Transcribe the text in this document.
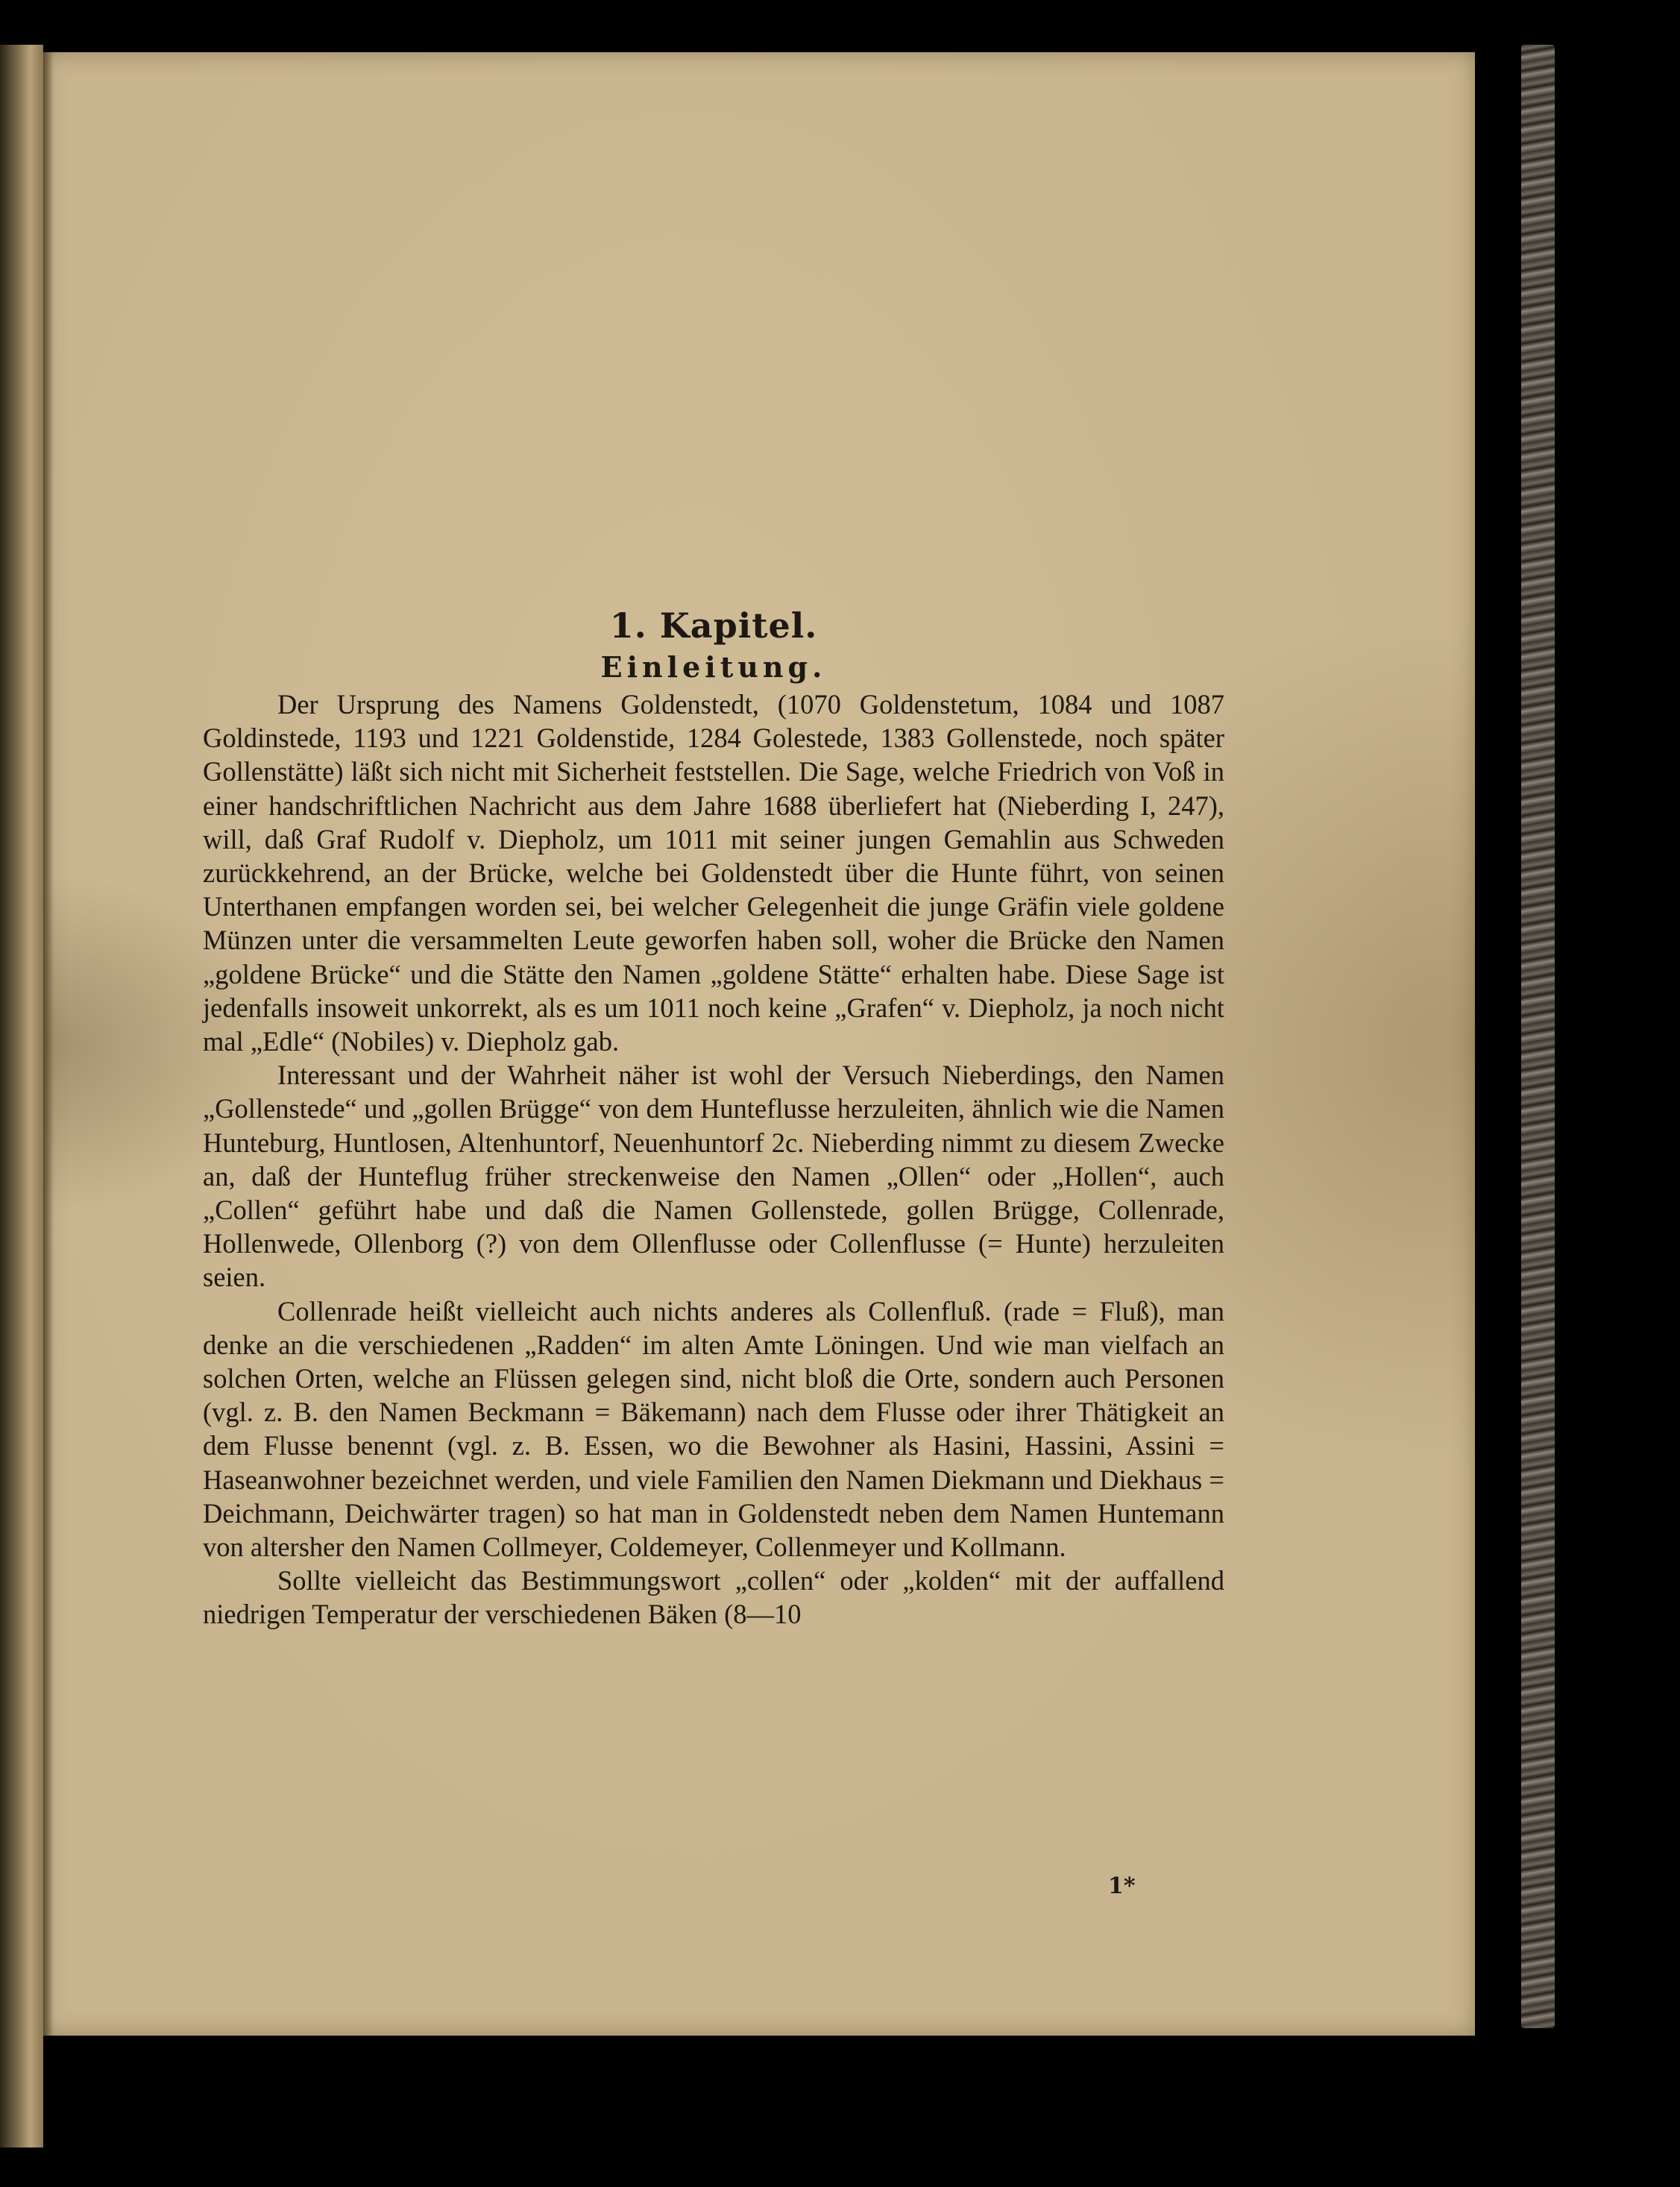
1. Kapitel.
Einleitung.

Der Ursprung des Namens Goldenstedt, (1070 Goldenstetum, 1084 und 1087 Goldinstede, 1193 und 1221 Goldenstide, 1284 Golestede, 1383 Gollenstede, noch später Gollenstätte) läßt sich nicht mit Sicherheit feststellen. Die Sage, welche Friedrich von Voß in einer handschriftlichen Nachricht aus dem Jahre 1688 überliefert hat (Nieberding I, 247), will, daß Graf Rudolf v. Diepholz, um 1011 mit seiner jungen Gemahlin aus Schweden zurückkehrend, an der Brücke, welche bei Goldenstedt über die Hunte führt, von seinen Unterthanen empfangen worden sei, bei welcher Gelegenheit die junge Gräfin viele goldene Münzen unter die versammelten Leute geworfen haben soll, woher die Brücke den Namen „goldene Brücke“ und die Stätte den Namen „goldene Stätte“ erhalten habe. Diese Sage ist jedenfalls insoweit unkorrekt, als es um 1011 noch keine „Grafen“ v. Diepholz, ja noch nicht mal „Edle“ (Nobiles) v. Diepholz gab.

Interessant und der Wahrheit näher ist wohl der Versuch Nieberdings, den Namen „Gollenstede“ und „gollen Brügge“ von dem Hunteflusse herzuleiten, ähnlich wie die Namen Hunteburg, Huntlosen, Altenhuntorf, Neuenhuntorf 2c. Nieberding nimmt zu diesem Zwecke an, daß der Hunteflug früher streckenweise den Namen „Ollen“ oder „Hollen“, auch „Collen“ geführt habe und daß die Namen Gollenstede, gollen Brügge, Collenrade, Hollenwede, Ollenborg (?) von dem Ollenflusse oder Collenflusse (= Hunte) herzuleiten seien.

Collenrade heißt vielleicht auch nichts anderes als Collenfluß. (rade = Fluß), man denke an die verschiedenen „Radden“ im alten Amte Löningen. Und wie man vielfach an solchen Orten, welche an Flüssen gelegen sind, nicht bloß die Orte, sondern auch Personen (vgl. z. B. den Namen Beckmann = Bäkemann) nach dem Flusse oder ihrer Thätigkeit an dem Flusse benennt (vgl. z. B. Essen, wo die Bewohner als Hasini, Hassini, Assini = Haseanwohner bezeichnet werden, und viele Familien den Namen Diekmann und Diekhaus = Deichmann, Deichwärter tragen) so hat man in Goldenstedt neben dem Namen Huntemann von altersher den Namen Collmeyer, Coldemeyer, Collenmeyer und Kollmann.

Sollte vielleicht das Bestimmungswort „collen“ oder „kolden“ mit der auffallend niedrigen Temperatur der verschiedenen Bäken (8—10

1*
